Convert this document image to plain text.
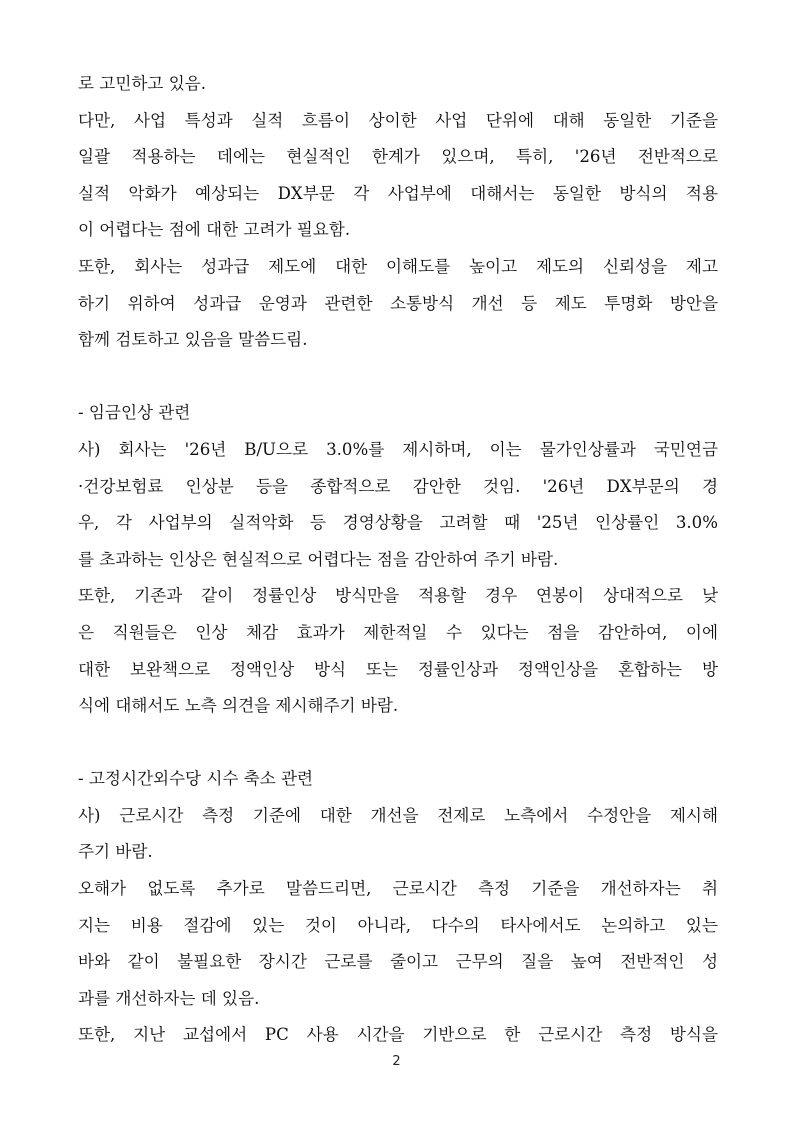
로 고민하고 있음.
다만, 사업 특성과 실적 흐름이 상이한 사업 단위에 대해 동일한 기준을
일괄 적용하는 데에는 현실적인 한계가 있으며, 특히, '26년 전반적으로
실적 악화가 예상되는 DX부문 각 사업부에 대해서는 동일한 방식의 적용
이 어렵다는 점에 대한 고려가 필요함.
또한, 회사는 성과급 제도에 대한 이해도를 높이고 제도의 신뢰성을 제고
하기 위하여 성과급 운영과 관련한 소통방식 개선 등 제도 투명화 방안을
함께 검토하고 있음을 말씀드림.
- 임금인상 관련
사) 회사는 '26년 B/U으로 3.0%를 제시하며, 이는 물가인상률과 국민연금
·건강보험료 인상분 등을 종합적으로 감안한 것임. '26년 DX부문의 경
우, 각 사업부의 실적악화 등 경영상황을 고려할 때 '25년 인상률인 3.0%
를 초과하는 인상은 현실적으로 어렵다는 점을 감안하여 주기 바람.
또한, 기존과 같이 정률인상 방식만을 적용할 경우 연봉이 상대적으로 낮
은 직원들은 인상 체감 효과가 제한적일 수 있다는 점을 감안하여, 이에
대한 보완책으로 정액인상 방식 또는 정률인상과 정액인상을 혼합하는 방
식에 대해서도 노측 의견을 제시해주기 바람.
- 고정시간외수당 시수 축소 관련
사) 근로시간 측정 기준에 대한 개선을 전제로 노측에서 수정안을 제시해
주기 바람.
오해가 없도록 추가로 말씀드리면, 근로시간 측정 기준을 개선하자는 취
지는 비용 절감에 있는 것이 아니라, 다수의 타사에서도 논의하고 있는
바와 같이 불필요한 장시간 근로를 줄이고 근무의 질을 높여 전반적인 성
과를 개선하자는 데 있음.
또한, 지난 교섭에서 PC 사용 시간을 기반으로 한 근로시간 측정 방식을
2
